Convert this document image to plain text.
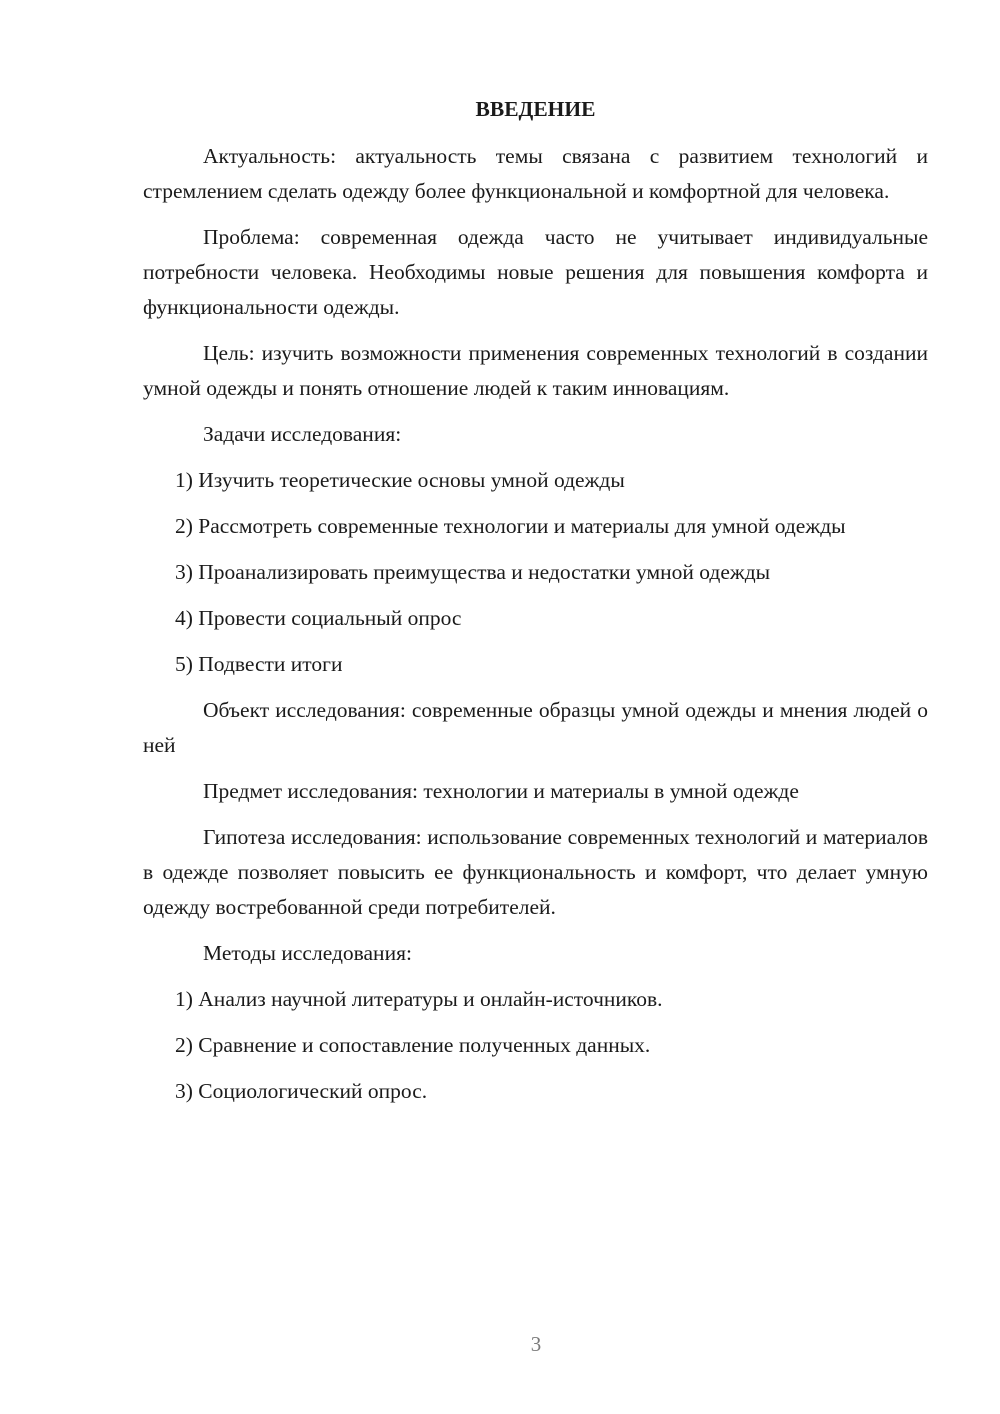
ВВЕДЕНИЕ

Актуальность: актуальность темы связана с развитием технологий и стремлением сделать одежду более функциональной и комфортной для человека.

Проблема: современная одежда часто не учитывает индивидуальные потребности человека. Необходимы новые решения для повышения комфорта и функциональности одежды.

Цель: изучить возможности применения современных технологий в создании умной одежды и понять отношение людей к таким инновациям.

Задачи исследования:

1) Изучить теоретические основы умной одежды

2) Рассмотреть современные технологии и материалы для умной одежды

3) Проанализировать преимущества и недостатки умной одежды

4) Провести социальный опрос

5) Подвести итоги

Объект исследования: современные образцы умной одежды и мнения людей о ней

Предмет исследования: технологии и материалы в умной одежде

Гипотеза исследования: использование современных технологий и материалов в одежде позволяет повысить ее функциональность и комфорт, что делает умную одежду востребованной среди потребителей.

Методы исследования:

1) Анализ научной литературы и онлайн-источников.

2) Сравнение и сопоставление полученных данных.

3) Социологический опрос.

3
